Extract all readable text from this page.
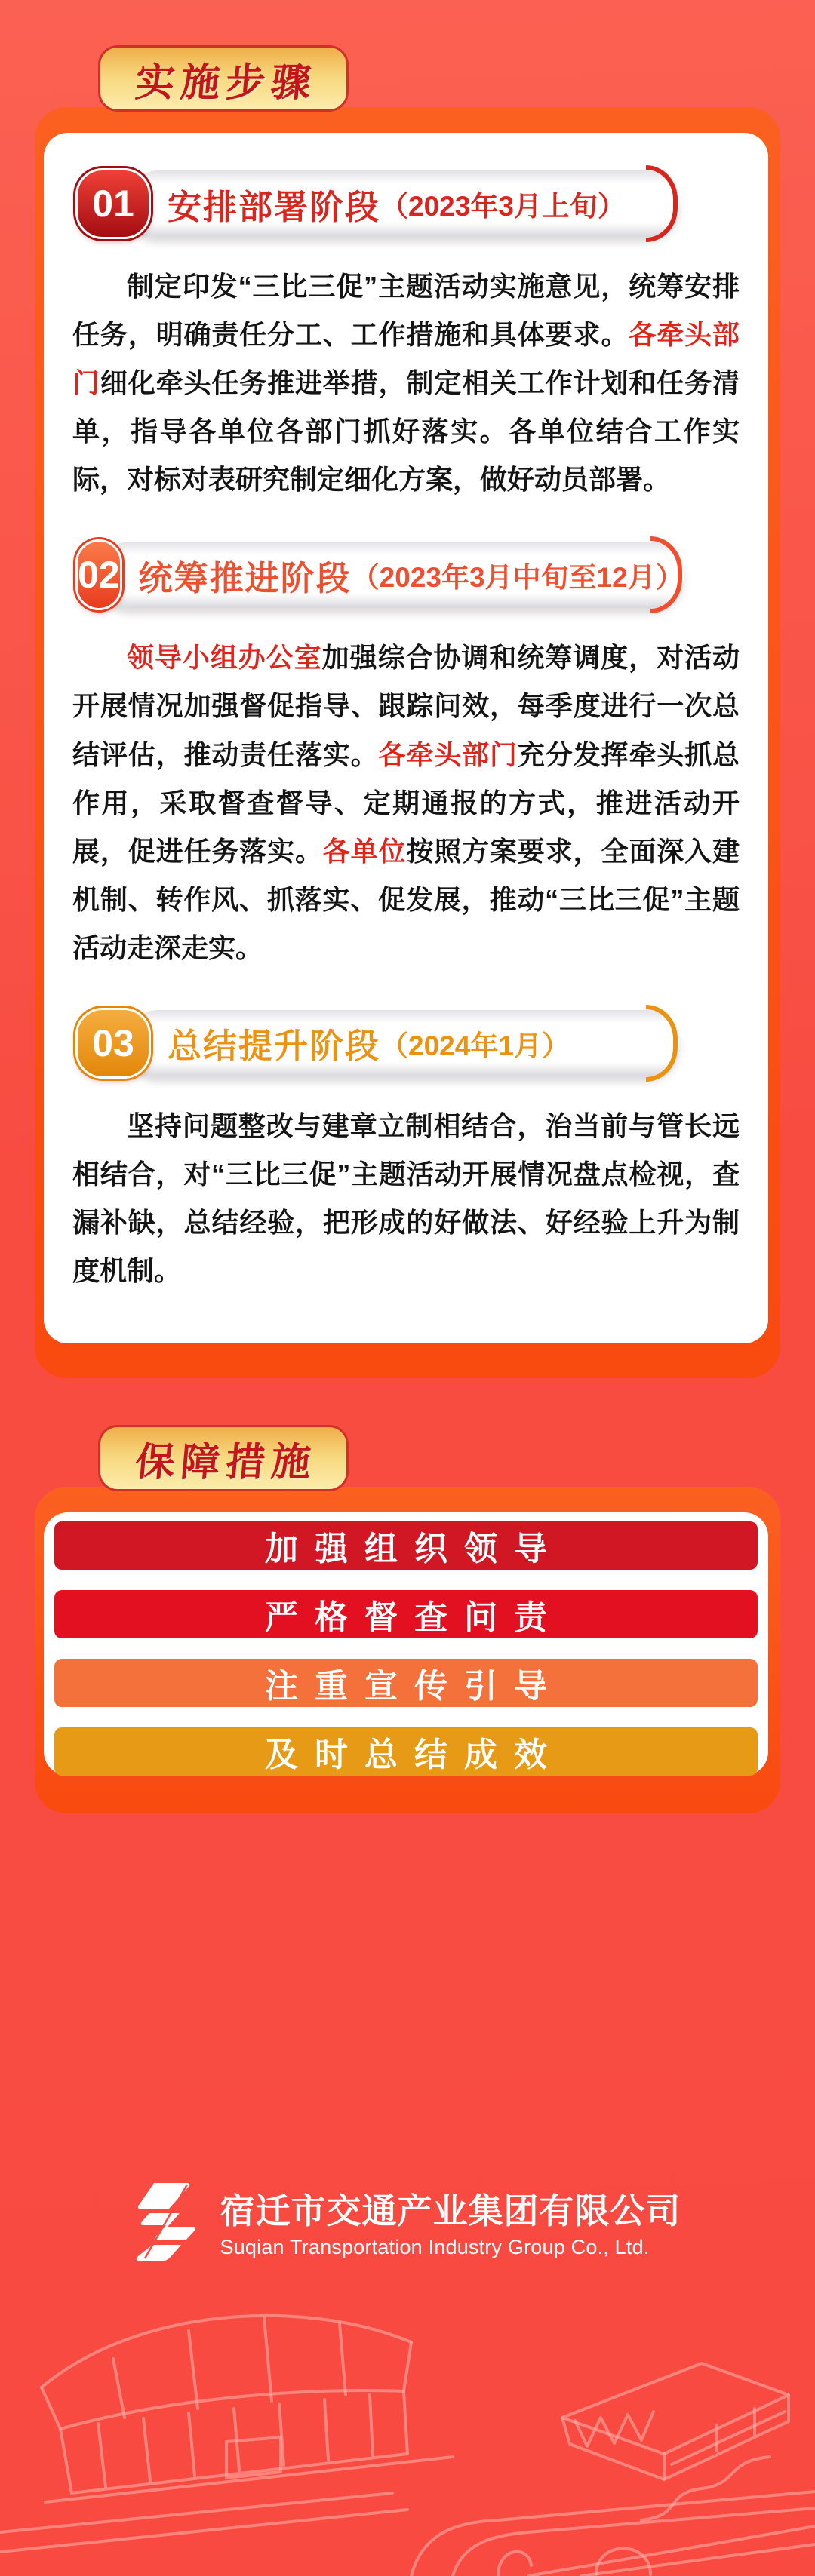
实施步骤
01 安排部署阶段 （2023年3月上旬）

制定印发“三比三促”主题活动实施意见，统筹安排任务，明确责任分工、工作措施和具体要求。各牵头部门细化牵头任务推进举措，制定相关工作计划和任务清单，指导各单位各部门抓好落实。各单位结合工作实际，对标对表研究制定细化方案，做好动员部署。

02 统筹推进阶段 （2023年3月中旬至12月）

领导小组办公室加强综合协调和统筹调度，对活动开展情况加强督促指导、跟踪问效，每季度进行一次总结评估，推动责任落实。各牵头部门充分发挥牵头抓总作用，采取督查督导、定期通报的方式，推进活动开展，促进任务落实。各单位按照方案要求，全面深入建机制、转作风、抓落实、促发展，推动“三比三促”主题活动走深走实。

03 总结提升阶段 （2024年1月）

坚持问题整改与建章立制相结合，治当前与管长远相结合，对“三比三促”主题活动开展情况盘点检视，查漏补缺，总结经验，把形成的好做法、好经验上升为制度机制。

保障措施
加强组织领导
严格督查问责
注重宣传引导
及时总结成效
宿迁市交通产业集团有限公司
Suqian Transportation Industry Group Co., Ltd.
